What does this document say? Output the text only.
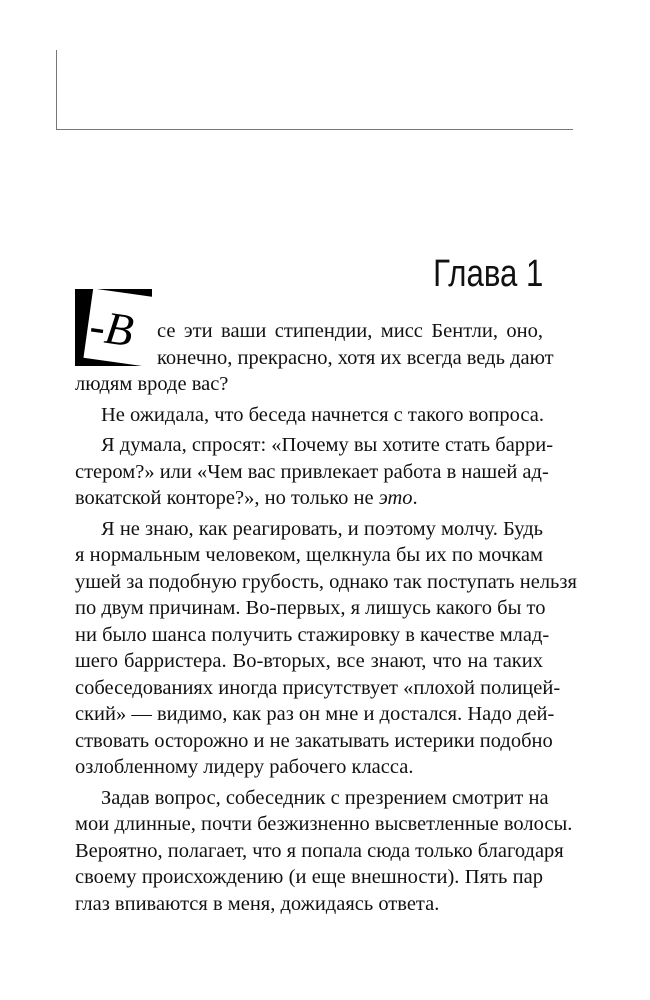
Глава 1
-В се эти ваши стипендии, мисс Бентли, оно,
конечно, прекрасно, хотя их всегда ведь дают
людям вроде вас?
Не ожидала, что беседа начнется с такого вопроса.
Я думала, спросят: «Почему вы хотите стать барри-
стером?» или «Чем вас привлекает работа в нашей ад-
вокатской конторе?», но только не это.
Я не знаю, как реагировать, и поэтому молчу. Будь
я нормальным человеком, щелкнула бы их по мочкам
ушей за подобную грубость, однако так поступать нельзя
по двум причинам. Во-первых, я лишусь какого бы то
ни было шанса получить стажировку в качестве млад-
шего барристера. Во-вторых, все знают, что на таких
собеседованиях иногда присутствует «плохой полицей-
ский» — видимо, как раз он мне и достался. Надо дей-
ствовать осторожно и не закатывать истерики подобно
озлобленному лидеру рабочего класса.
Задав вопрос, собеседник с презрением смотрит на
мои длинные, почти безжизненно высветленные волосы.
Вероятно, полагает, что я попала сюда только благодаря
своему происхождению (и еще внешности). Пять пар
глаз впиваются в меня, дожидаясь ответа.
